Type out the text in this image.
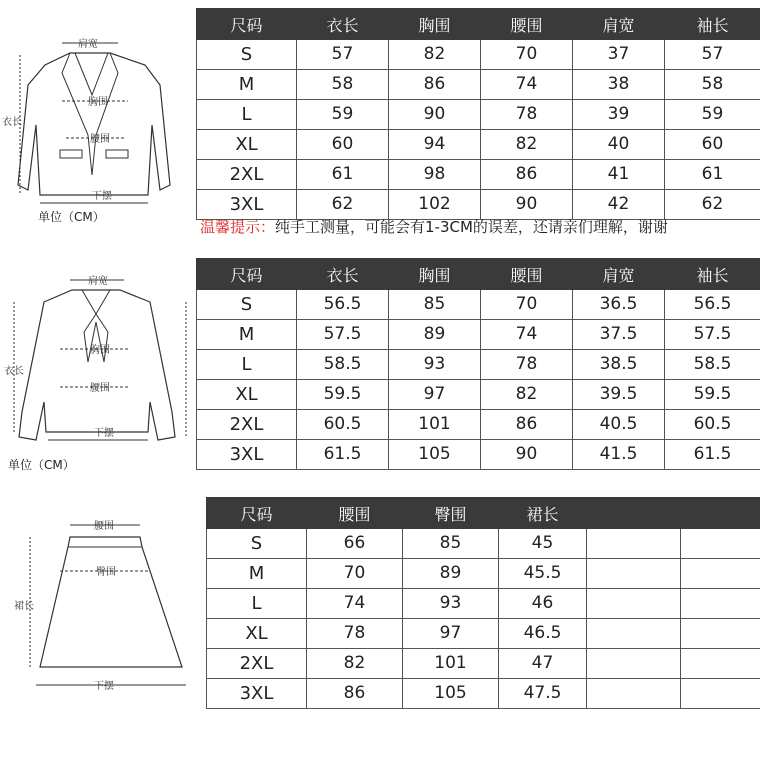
肩宽
衣长
胸围
腰围
下摆
单位（CM）
尺码	衣长	胸围	腰围	肩宽	袖长
S	57	82	70	37	57
M	58	86	74	38	58
L	59	90	78	39	59
XL	60	94	82	40	60
2XL	61	98	86	41	61
3XL	62	102	90	42	62
温馨提示：纯手工测量，可能会有1-3CM的误差，还请亲们理解，谢谢
肩宽
衣长
胸围
腰围
下摆
单位（CM）
尺码	衣长	胸围	腰围	肩宽	袖长
S	56.5	85	70	36.5	56.5
M	57.5	89	74	37.5	57.5
L	58.5	93	78	38.5	58.5
XL	59.5	97	82	39.5	59.5
2XL	60.5	101	86	40.5	60.5
3XL	61.5	105	90	41.5	61.5
腰围
裙长
臀围
下摆
尺码	腰围	臀围	裙长		
S	66	85	45		
M	70	89	45.5		
L	74	93	46		
XL	78	97	46.5		
2XL	82	101	47		
3XL	86	105	47.5		
